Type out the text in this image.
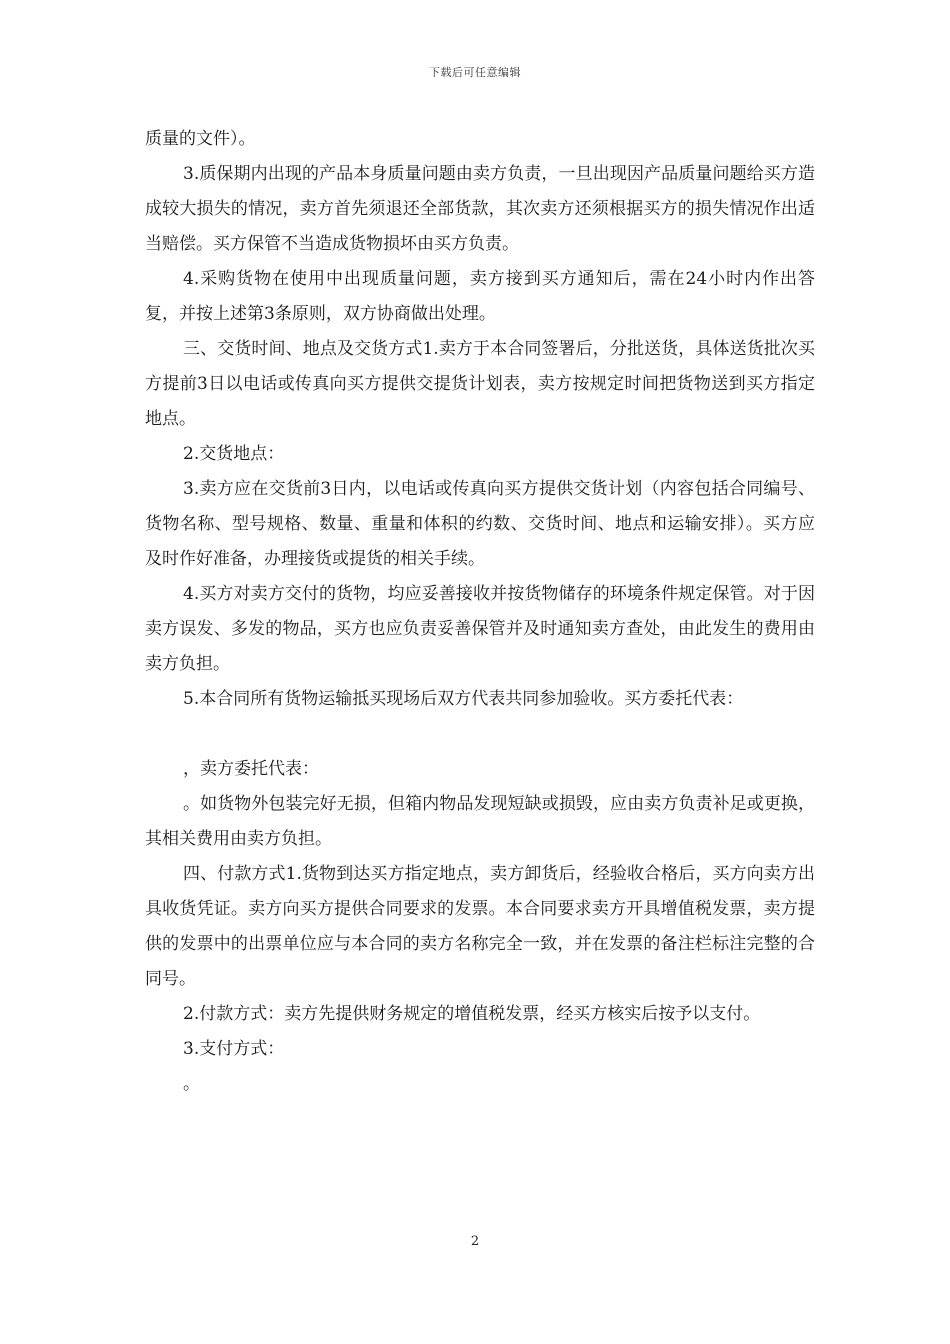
下载后可任意编辑

质量的文件）。

3.质保期内出现的产品本身质量问题由卖方负责，一旦出现因产品质量问题给买方造成较大损失的情况，卖方首先须退还全部货款，其次卖方还须根据买方的损失情况作出适当赔偿。买方保管不当造成货物损坏由买方负责。

4.采购货物在使用中出现质量问题，卖方接到买方通知后，需在24小时内作出答复，并按上述第3条原则，双方协商做出处理。

三、交货时间、地点及交货方式1.卖方于本合同签署后，分批送货，具体送货批次买方提前3日以电话或传真向买方提供交提货计划表，卖方按规定时间把货物送到买方指定地点。

2.交货地点：

3.卖方应在交货前3日内，以电话或传真向买方提供交货计划（内容包括合同编号、货物名称、型号规格、数量、重量和体积的约数、交货时间、地点和运输安排）。买方应及时作好准备，办理接货或提货的相关手续。

4.买方对卖方交付的货物，均应妥善接收并按货物储存的环境条件规定保管。对于因卖方误发、多发的物品，买方也应负责妥善保管并及时通知卖方查处，由此发生的费用由卖方负担。

5.本合同所有货物运输抵买现场后双方代表共同参加验收。买方委托代表：

，卖方委托代表：

。如货物外包装完好无损，但箱内物品发现短缺或损毁，应由卖方负责补足或更换，其相关费用由卖方负担。

四、付款方式1.货物到达买方指定地点，卖方卸货后，经验收合格后，买方向卖方出具收货凭证。卖方向买方提供合同要求的发票。本合同要求卖方开具增值税发票，卖方提供的发票中的出票单位应与本合同的卖方名称完全一致，并在发票的备注栏标注完整的合同号。

2.付款方式：卖方先提供财务规定的增值税发票，经买方核实后按予以支付。

3.支付方式：

。

2
